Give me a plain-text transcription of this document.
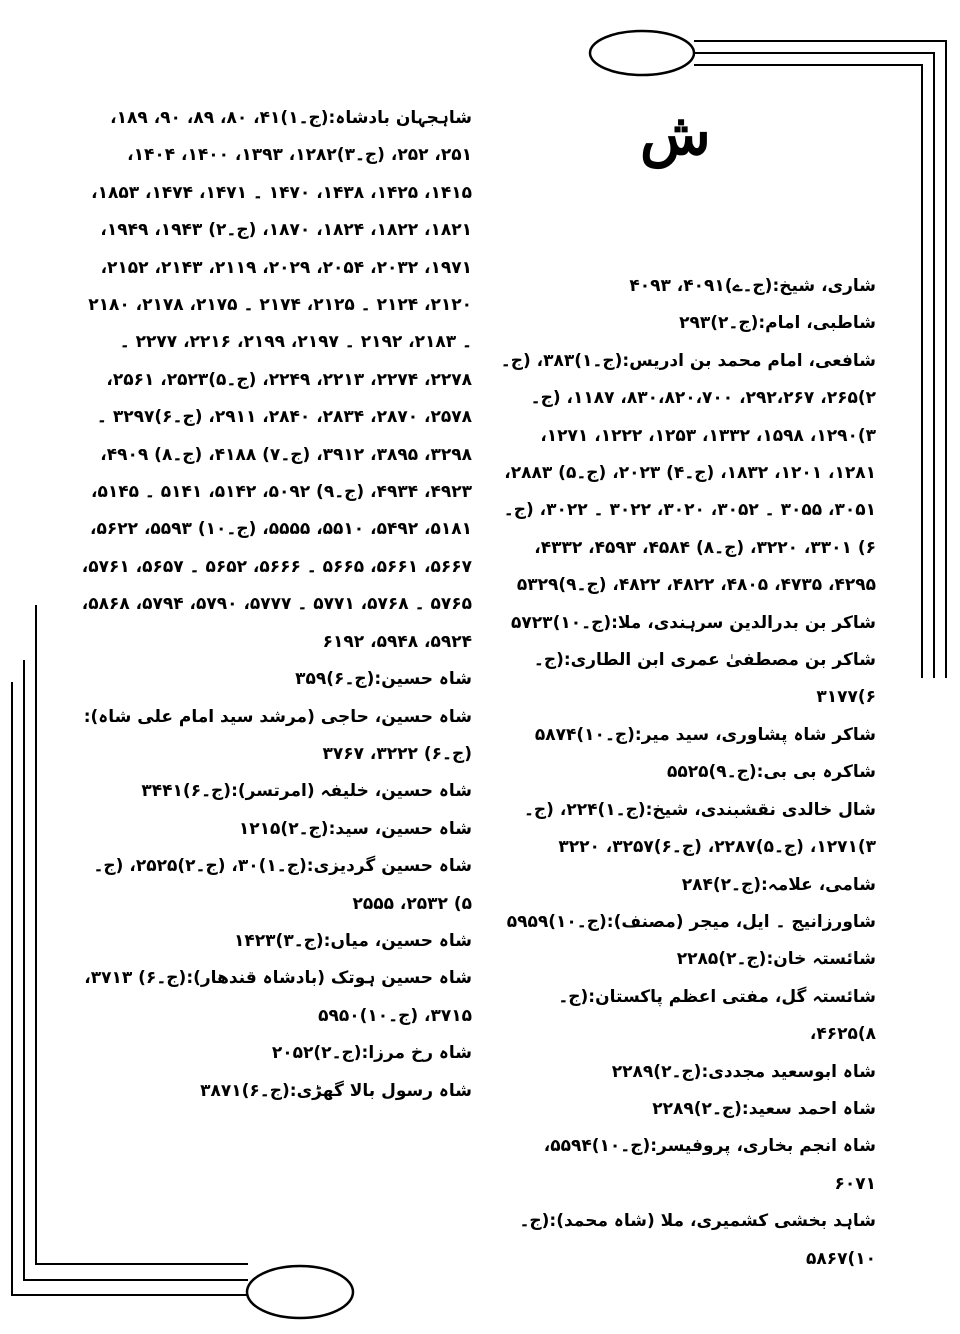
ش

شاری، شیخ:(ج۔ے)۴۰۹۱، ۴۰۹۳

شاطبی، امام:(ج۔۲)۲۹۳

شافعی، امام محمد بن ادریس:(ج۔۱)۳۸۳، (ج۔۲)۲۶۵، ۲۹۲،۲۶۷، ۸۳۰،۸۲۰،۷۰۰، ۱۱۸۷، (ج۔۳)۱۲۹۰، ۱۵۹۸، ۱۳۳۲، ۱۲۵۳، ۱۲۲۲، ۱۲۷۱، ۱۲۸۱، ۱۲۰۱، ۱۸۳۲، (ج۔۴) ۲۰۲۳، (ج۔۵) ۲۸۸۳، ۳۰۵۱، ۳۰۵۵ ۔ ۳۰۵۲، ۳۰۲۰، ۳۰۲۲ ۔ ۳۰۲۲، (ج۔۶) ۳۳۰۱، ۳۲۲۰، (ج۔۸) ۴۵۸۴، ۴۵۹۳، ۴۳۳۲، ۴۲۹۵، ۴۷۳۵، ۴۸۰۵، ۴۸۲۲، ۴۸۲۲، (ج۔۹)۵۳۲۹

شاکر بن بدرالدین سرہندی، ملا:(ج۔۱۰)۵۷۲۳

شاکر بن مصطفیٰ عمری ابن الطاری:(ج۔۶)۳۱۷۷

شاکر شاہ پشاوری، سید میر:(ج۔۱۰)۵۸۷۴

شاکرہ بی بی:(ج۔۹)۵۵۲۵

شال خالدی نقشبندی، شیخ:(ج۔۱)۲۲۴، (ج۔۳)۱۲۷۱، (ج۔۵)۲۲۸۷، (ج۔۶)۳۲۵۷، ۳۲۲۰

شامی، علامہ:(ج۔۲)۲۸۴

شاورزانیج ۔ ایل، میجر (مصنف):(ج۔۱۰)۵۹۵۹

شائستہ خان:(ج۔۲)۲۲۸۵

شائستہ گل، مفتی اعظم پاکستان:(ج۔۸)۴۶۲۵،

شاہ ابوسعید مجددی:(ج۔۲)۲۲۸۹

شاہ احمد سعید:(ج۔۲)۲۲۸۹

شاہ انجم بخاری، پروفیسر:(ج۔۱۰)۵۵۹۴، ۶۰۷۱

شاہد بخشی کشمیری، ملا (شاہ محمد):(ج۔۱۰)۵۸۶۷

شاہجہان بادشاہ:(ج۔۱)۴۱، ۸۰، ۸۹، ۹۰، ۱۸۹، ۲۵۱، ۲۵۲، (ج۔۳)۱۲۸۲، ۱۳۹۳، ۱۴۰۰، ۱۴۰۴، ۱۴۱۵، ۱۴۲۵، ۱۴۳۸، ۱۴۷۰ ۔ ۱۴۷۱، ۱۴۷۴، ۱۸۵۳، ۱۸۲۱، ۱۸۲۲، ۱۸۲۴، ۱۸۷۰، (ج۔۲) ۱۹۴۳، ۱۹۴۹، ۱۹۷۱، ۲۰۳۲، ۲۰۵۴، ۲۰۲۹، ۲۱۱۹، ۲۱۴۳، ۲۱۵۲، ۲۱۲۰، ۲۱۲۴ ۔ ۲۱۲۵، ۲۱۷۴ ۔ ۲۱۷۵، ۲۱۷۸، ۲۱۸۰ ۔ ۲۱۸۳، ۲۱۹۲ ۔ ۲۱۹۷، ۲۱۹۹، ۲۲۱۶، ۲۲۷۷ ۔ ۲۲۷۸، ۲۲۷۴، ۲۲۱۳، ۲۲۴۹، (ج۔۵)۲۵۲۳، ۲۵۶۱، ۲۵۷۸، ۲۸۷۰، ۲۸۳۴، ۲۸۴۰، ۲۹۱۱، (ج۔۶)۳۲۹۷ ۔ ۳۲۹۸، ۳۸۹۵، ۳۹۱۲، (ج۔۷) ۴۱۸۸، (ج۔۸) ۴۹۰۹، ۴۹۲۳، ۴۹۳۴، (ج۔۹) ۵۰۹۲، ۵۱۴۲، ۵۱۴۱ ۔ ۵۱۴۵، ۵۱۸۱، ۵۴۹۲، ۵۵۱۰، ۵۵۵۵، (ج۔۱۰) ۵۵۹۳، ۵۶۲۲، ۵۶۶۷، ۵۶۶۱، ۵۶۶۵ ۔ ۵۶۶۶، ۵۶۵۲ ۔ ۵۶۵۷، ۵۷۶۱، ۵۷۶۵ ۔ ۵۷۶۸، ۵۷۷۱ ۔ ۵۷۷۷، ۵۷۹۰، ۵۷۹۴، ۵۸۶۸، ۵۹۲۴، ۵۹۴۸، ۶۱۹۲

شاہ حسین:(ج۔۶)۳۵۹

شاہ حسین، حاجی (مرشد سید امام علی شاہ):(ج۔۶) ۳۲۲۲، ۳۷۶۷

شاہ حسین، خلیفہ (امرتسر):(ج۔۶)۳۴۴۱

شاہ حسین، سید:(ج۔۲)۱۲۱۵

شاہ حسین گردیزی:(ج۔۱)۳۰، (ج۔۲)۲۵۲۵، (ج۔۵) ۲۵۳۲، ۲۵۵۵

شاہ حسین، میاں:(ج۔۳)۱۴۲۳

شاہ حسین ہوتک (بادشاہ قندھار):(ج۔۶) ۳۷۱۳، ۳۷۱۵، (ج۔۱۰)۵۹۵۰

شاہ رخ مرزا:(ج۔۲)۲۰۵۲

شاہ رسول بالا گھڑی:(ج۔۶)۳۸۷۱
